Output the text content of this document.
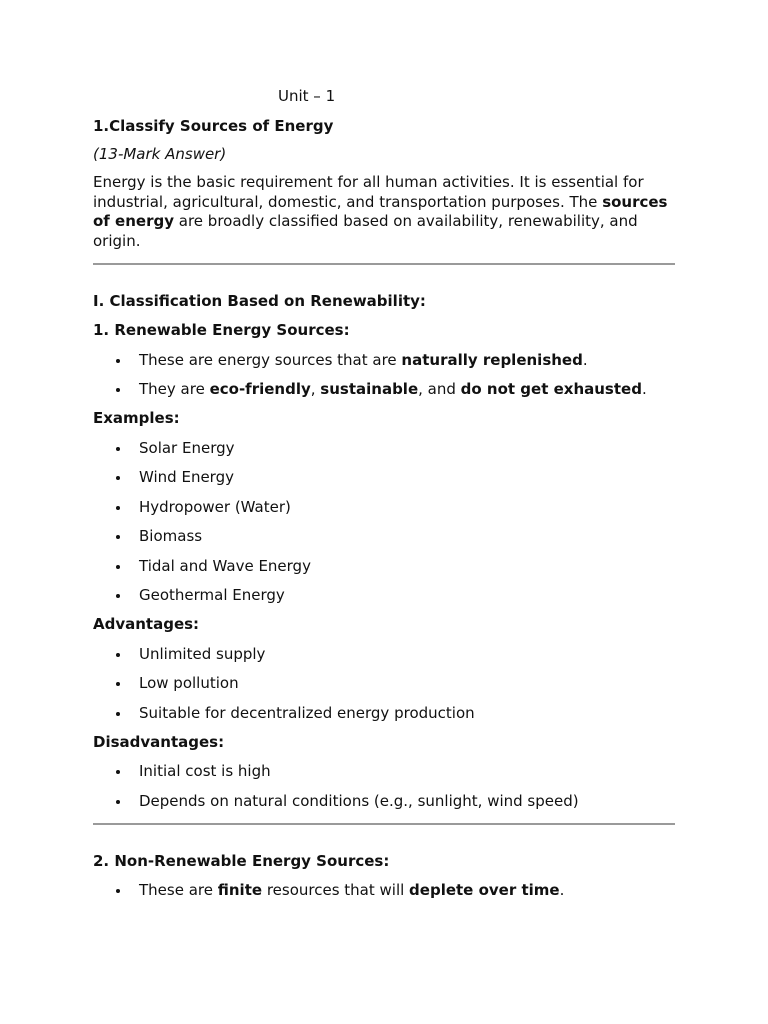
Unit – 1
1.Classify Sources of Energy
(13-Mark Answer)

Energy is the basic requirement for all human activities. It is essential for industrial, agricultural, domestic, and transportation purposes. The sources of energy are broadly classified based on availability, renewability, and origin.

I. Classification Based on Renewability:
1. Renewable Energy Sources:
These are energy sources that are naturally replenished.
They are eco-friendly, sustainable, and do not get exhausted.
Examples:
Solar Energy
Wind Energy
Hydropower (Water)
Biomass
Tidal and Wave Energy
Geothermal Energy
Advantages:
Unlimited supply
Low pollution
Suitable for decentralized energy production
Disadvantages:
Initial cost is high
Depends on natural conditions (e.g., sunlight, wind speed)
2. Non-Renewable Energy Sources:
These are finite resources that will deplete over time.
